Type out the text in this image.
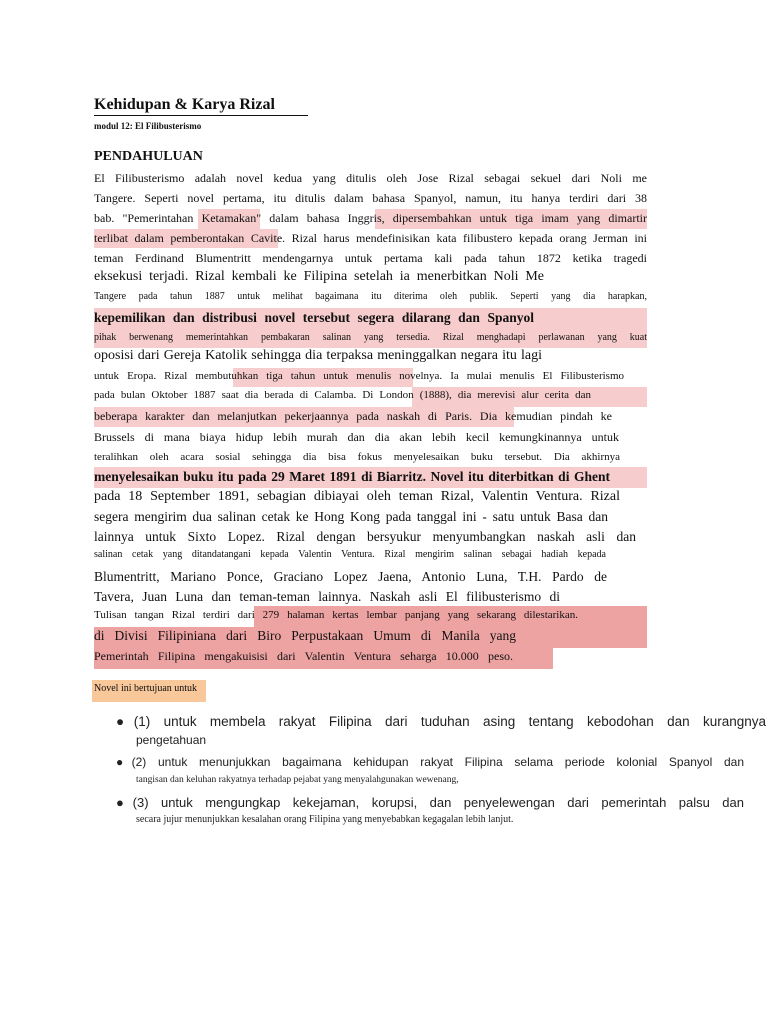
Kehidupan & Karya Rizal
modul 12: El Filibusterismo
PENDAHULUAN
El Filibusterismo adalah novel kedua yang ditulis oleh Jose Rizal sebagai sekuel dari Noli me
Tangere. Seperti novel pertama, itu ditulis dalam bahasa Spanyol, namun, itu hanya terdiri dari 38
bab. "Pemerintahan Ketamakan" dalam bahasa Inggris, dipersembahkan untuk tiga imam yang dimartir
terlibat dalam pemberontakan Cavite. Rizal harus mendefinisikan kata filibustero kepada orang Jerman ini
teman Ferdinand Blumentritt mendengarnya untuk pertama kali pada tahun 1872 ketika tragedi
eksekusi terjadi. Rizal kembali ke Filipina setelah ia menerbitkan Noli Me
Tangere pada tahun 1887 untuk melihat bagaimana itu diterima oleh publik. Seperti yang dia harapkan,
kepemilikan dan distribusi novel tersebut segera dilarang dan Spanyol
pihak berwenang memerintahkan pembakaran salinan yang tersedia. Rizal menghadapi perlawanan yang kuat
oposisi dari Gereja Katolik sehingga dia terpaksa meninggalkan negara itu lagi
untuk Eropa. Rizal membutuhkan tiga tahun untuk menulis novelnya. Ia mulai menulis El Filibusterismo
pada bulan Oktober 1887 saat dia berada di Calamba. Di London (1888), dia merevisi alur cerita dan
beberapa karakter dan melanjutkan pekerjaannya pada naskah di Paris. Dia kemudian pindah ke
Brussels di mana biaya hidup lebih murah dan dia akan lebih kecil kemungkinannya untuk
teralihkan oleh acara sosial sehingga dia bisa fokus menyelesaikan buku tersebut. Dia akhirnya
menyelesaikan buku itu pada 29 Maret 1891 di Biarritz. Novel itu diterbitkan di Ghent
pada 18 September 1891, sebagian dibiayai oleh teman Rizal, Valentin Ventura. Rizal
segera mengirim dua salinan cetak ke Hong Kong pada tanggal ini - satu untuk Basa dan
lainnya untuk Sixto Lopez. Rizal dengan bersyukur menyumbangkan naskah asli dan
salinan cetak yang ditandatangani kepada Valentin Ventura. Rizal mengirim salinan sebagai hadiah kepada
Blumentritt, Mariano Ponce, Graciano Lopez Jaena, Antonio Luna, T.H. Pardo de
Tavera, Juan Luna dan teman-teman lainnya. Naskah asli El filibusterismo di
Tulisan tangan Rizal terdiri dari 279 halaman kertas lembar panjang yang sekarang dilestarikan.
di Divisi Filipiniana dari Biro Perpustakaan Umum di Manila yang
Pemerintah Filipina mengakuisisi dari Valentin Ventura seharga 10.000 peso.
Novel ini bertujuan untuk
●(1) untuk membela rakyat Filipina dari tuduhan asing tentang kebodohan dan kurangnya
pengetahuan
●(2) untuk menunjukkan bagaimana kehidupan rakyat Filipina selama periode kolonial Spanyol dan
tangisan dan keluhan rakyatnya terhadap pejabat yang menyalahgunakan wewenang,
●(3) untuk mengungkap kekejaman, korupsi, dan penyelewengan dari pemerintah palsu dan
secara jujur menunjukkan kesalahan orang Filipina yang menyebabkan kegagalan lebih lanjut.
